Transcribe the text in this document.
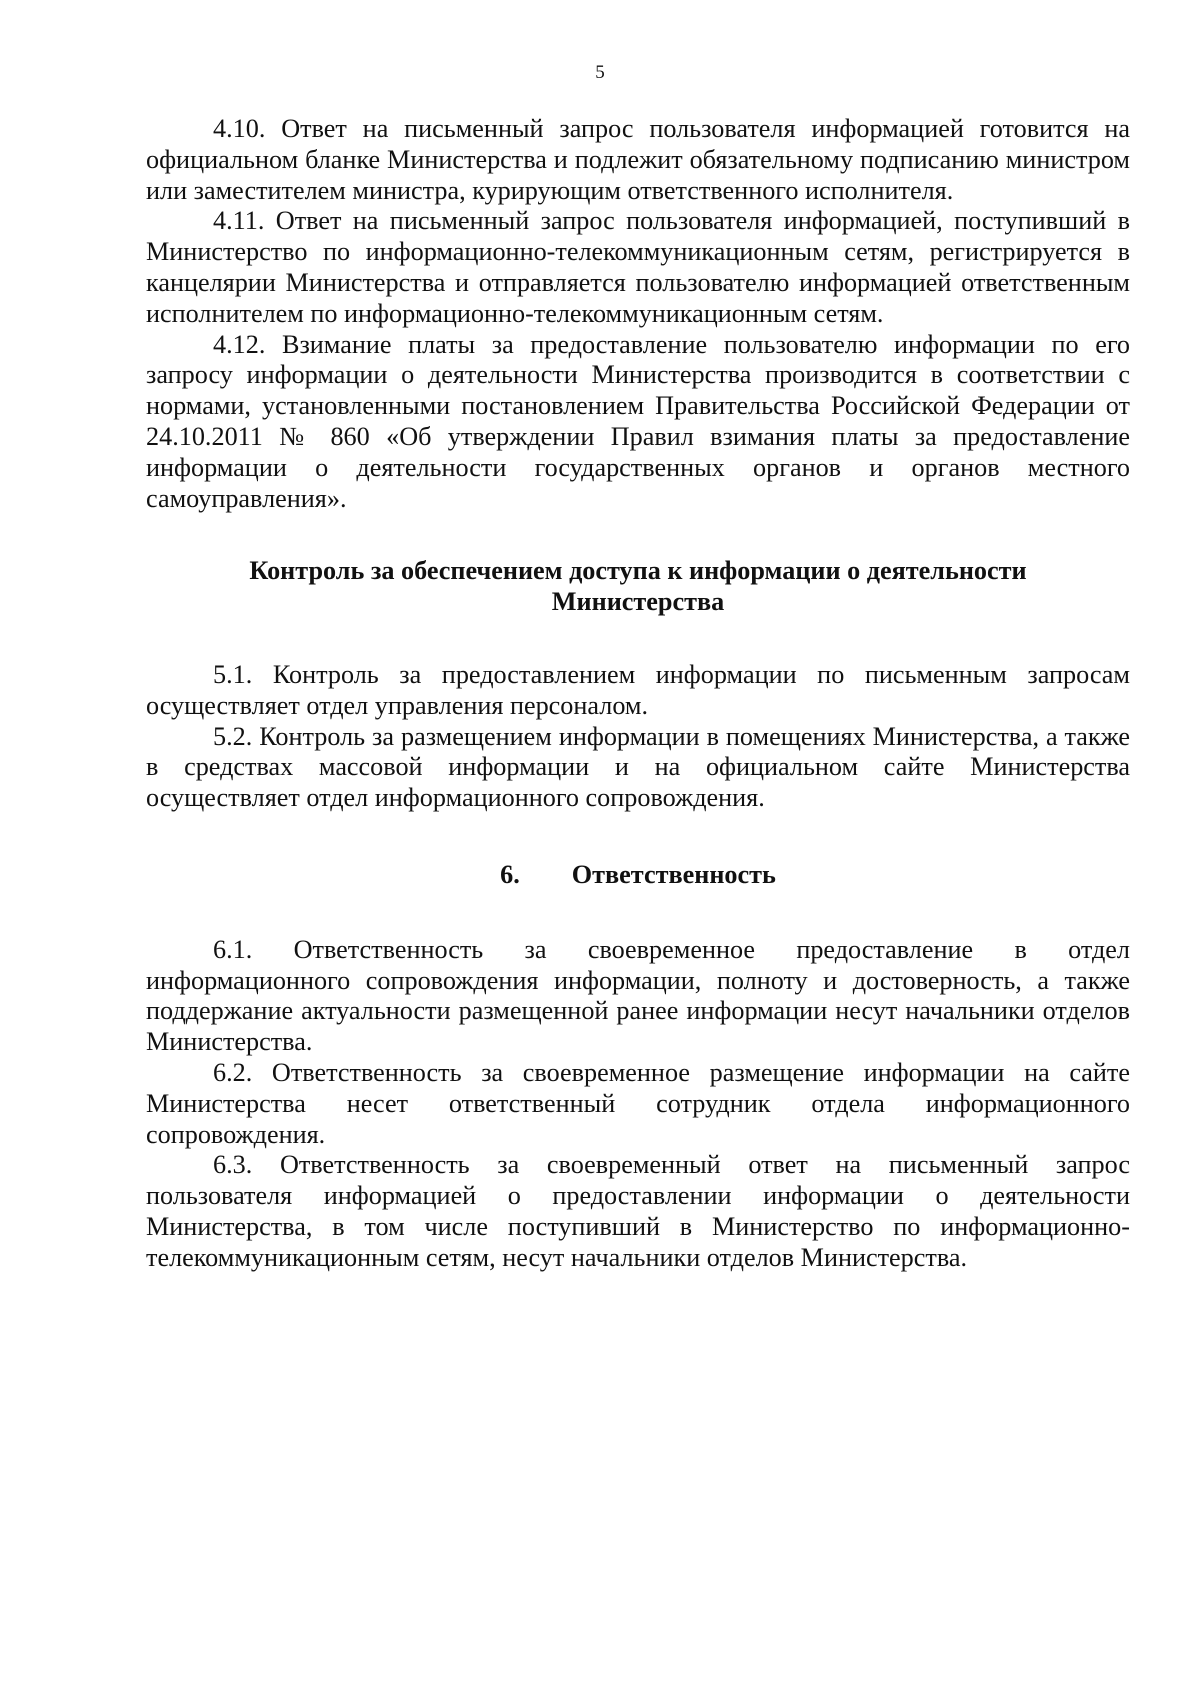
5

4.10. Ответ на письменный запрос пользователя информацией готовится на официальном бланке Министерства и подлежит обязательному подписанию министром или заместителем министра, курирующим ответственного исполнителя.

4.11. Ответ на письменный запрос пользователя информацией, поступивший в Министерство по информационно-телекоммуникационным сетям, регистрируется в канцелярии Министерства и отправляется пользователю информацией ответственным исполнителем по информационно-телекоммуникационным сетям.

4.12. Взимание платы за предоставление пользователю информации по его запросу информации о деятельности Министерства производится в соответствии с нормами, установленными постановлением Правительства Российской Федерации от 24.10.2011 № 860 «Об утверждении Правил взимания платы за предоставление информации о деятельности государственных органов и органов местного самоуправления».

Контроль за обеспечением доступа к информации о деятельности
Министерства

5.1. Контроль за предоставлением информации по письменным запросам осуществляет отдел управления персоналом.

5.2. Контроль за размещением информации в помещениях Министерства, а также в средствах массовой информации и на официальном сайте Министерства осуществляет отдел информационного сопровождения.

6. Ответственность

6.1. Ответственность за своевременное предоставление в отдел информационного сопровождения информации, полноту и достоверность, а также поддержание актуальности размещенной ранее информации несут начальники отделов Министерства.

6.2. Ответственность за своевременное размещение информации на сайте Министерства несет ответственный сотрудник отдела информационного сопровождения.

6.3. Ответственность за своевременный ответ на письменный запрос пользователя информацией о предоставлении информации о деятельности Министерства, в том числе поступивший в Министерство по информационно-телекоммуникационным сетям, несут начальники отделов Министерства.
